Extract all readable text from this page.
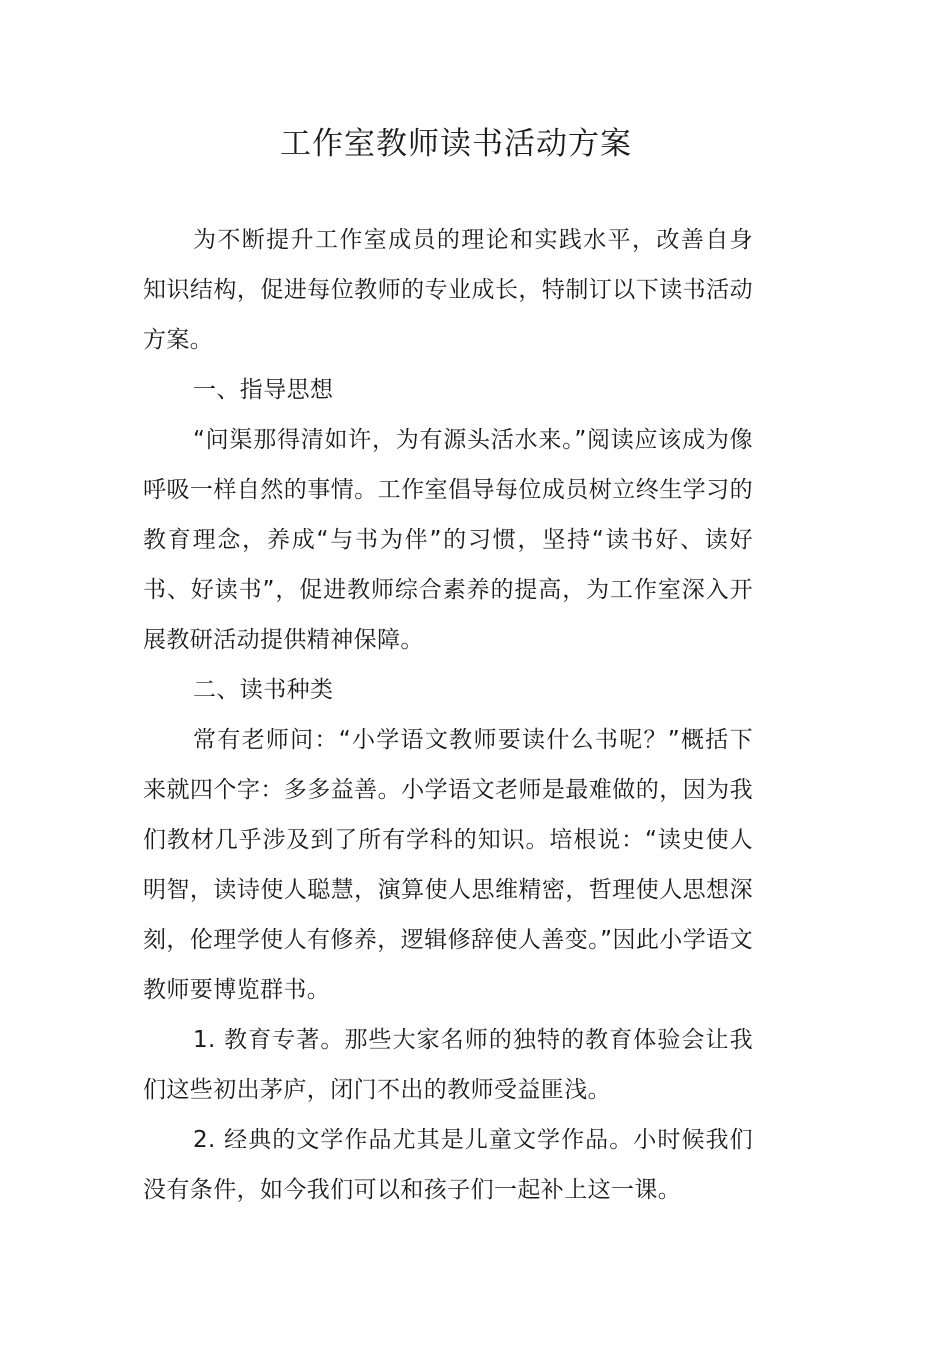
工作室教师读书活动方案

为不断提升工作室成员的理论和实践水平，改善自身知识结构，促进每位教师的专业成长，特制订以下读书活动方案。

一、指导思想

“问渠那得清如许，为有源头活水来。”阅读应该成为像呼吸一样自然的事情。工作室倡导每位成员树立终生学习的教育理念，养成“与书为伴”的习惯，坚持“读书好、读好书、好读书”，促进教师综合素养的提高，为工作室深入开展教研活动提供精神保障。

二、读书种类

常有老师问：“小学语文教师要读什么书呢？”概括下来就四个字：多多益善。小学语文老师是最难做的，因为我们教材几乎涉及到了所有学科的知识。培根说：“读史使人明智，读诗使人聪慧，演算使人思维精密，哲理使人思想深刻，伦理学使人有修养，逻辑修辞使人善变。”因此小学语文教师要博览群书。

1. 教育专著。那些大家名师的独特的教育体验会让我们这些初出茅庐，闭门不出的教师受益匪浅。

2. 经典的文学作品尤其是儿童文学作品。小时候我们没有条件，如今我们可以和孩子们一起补上这一课。
